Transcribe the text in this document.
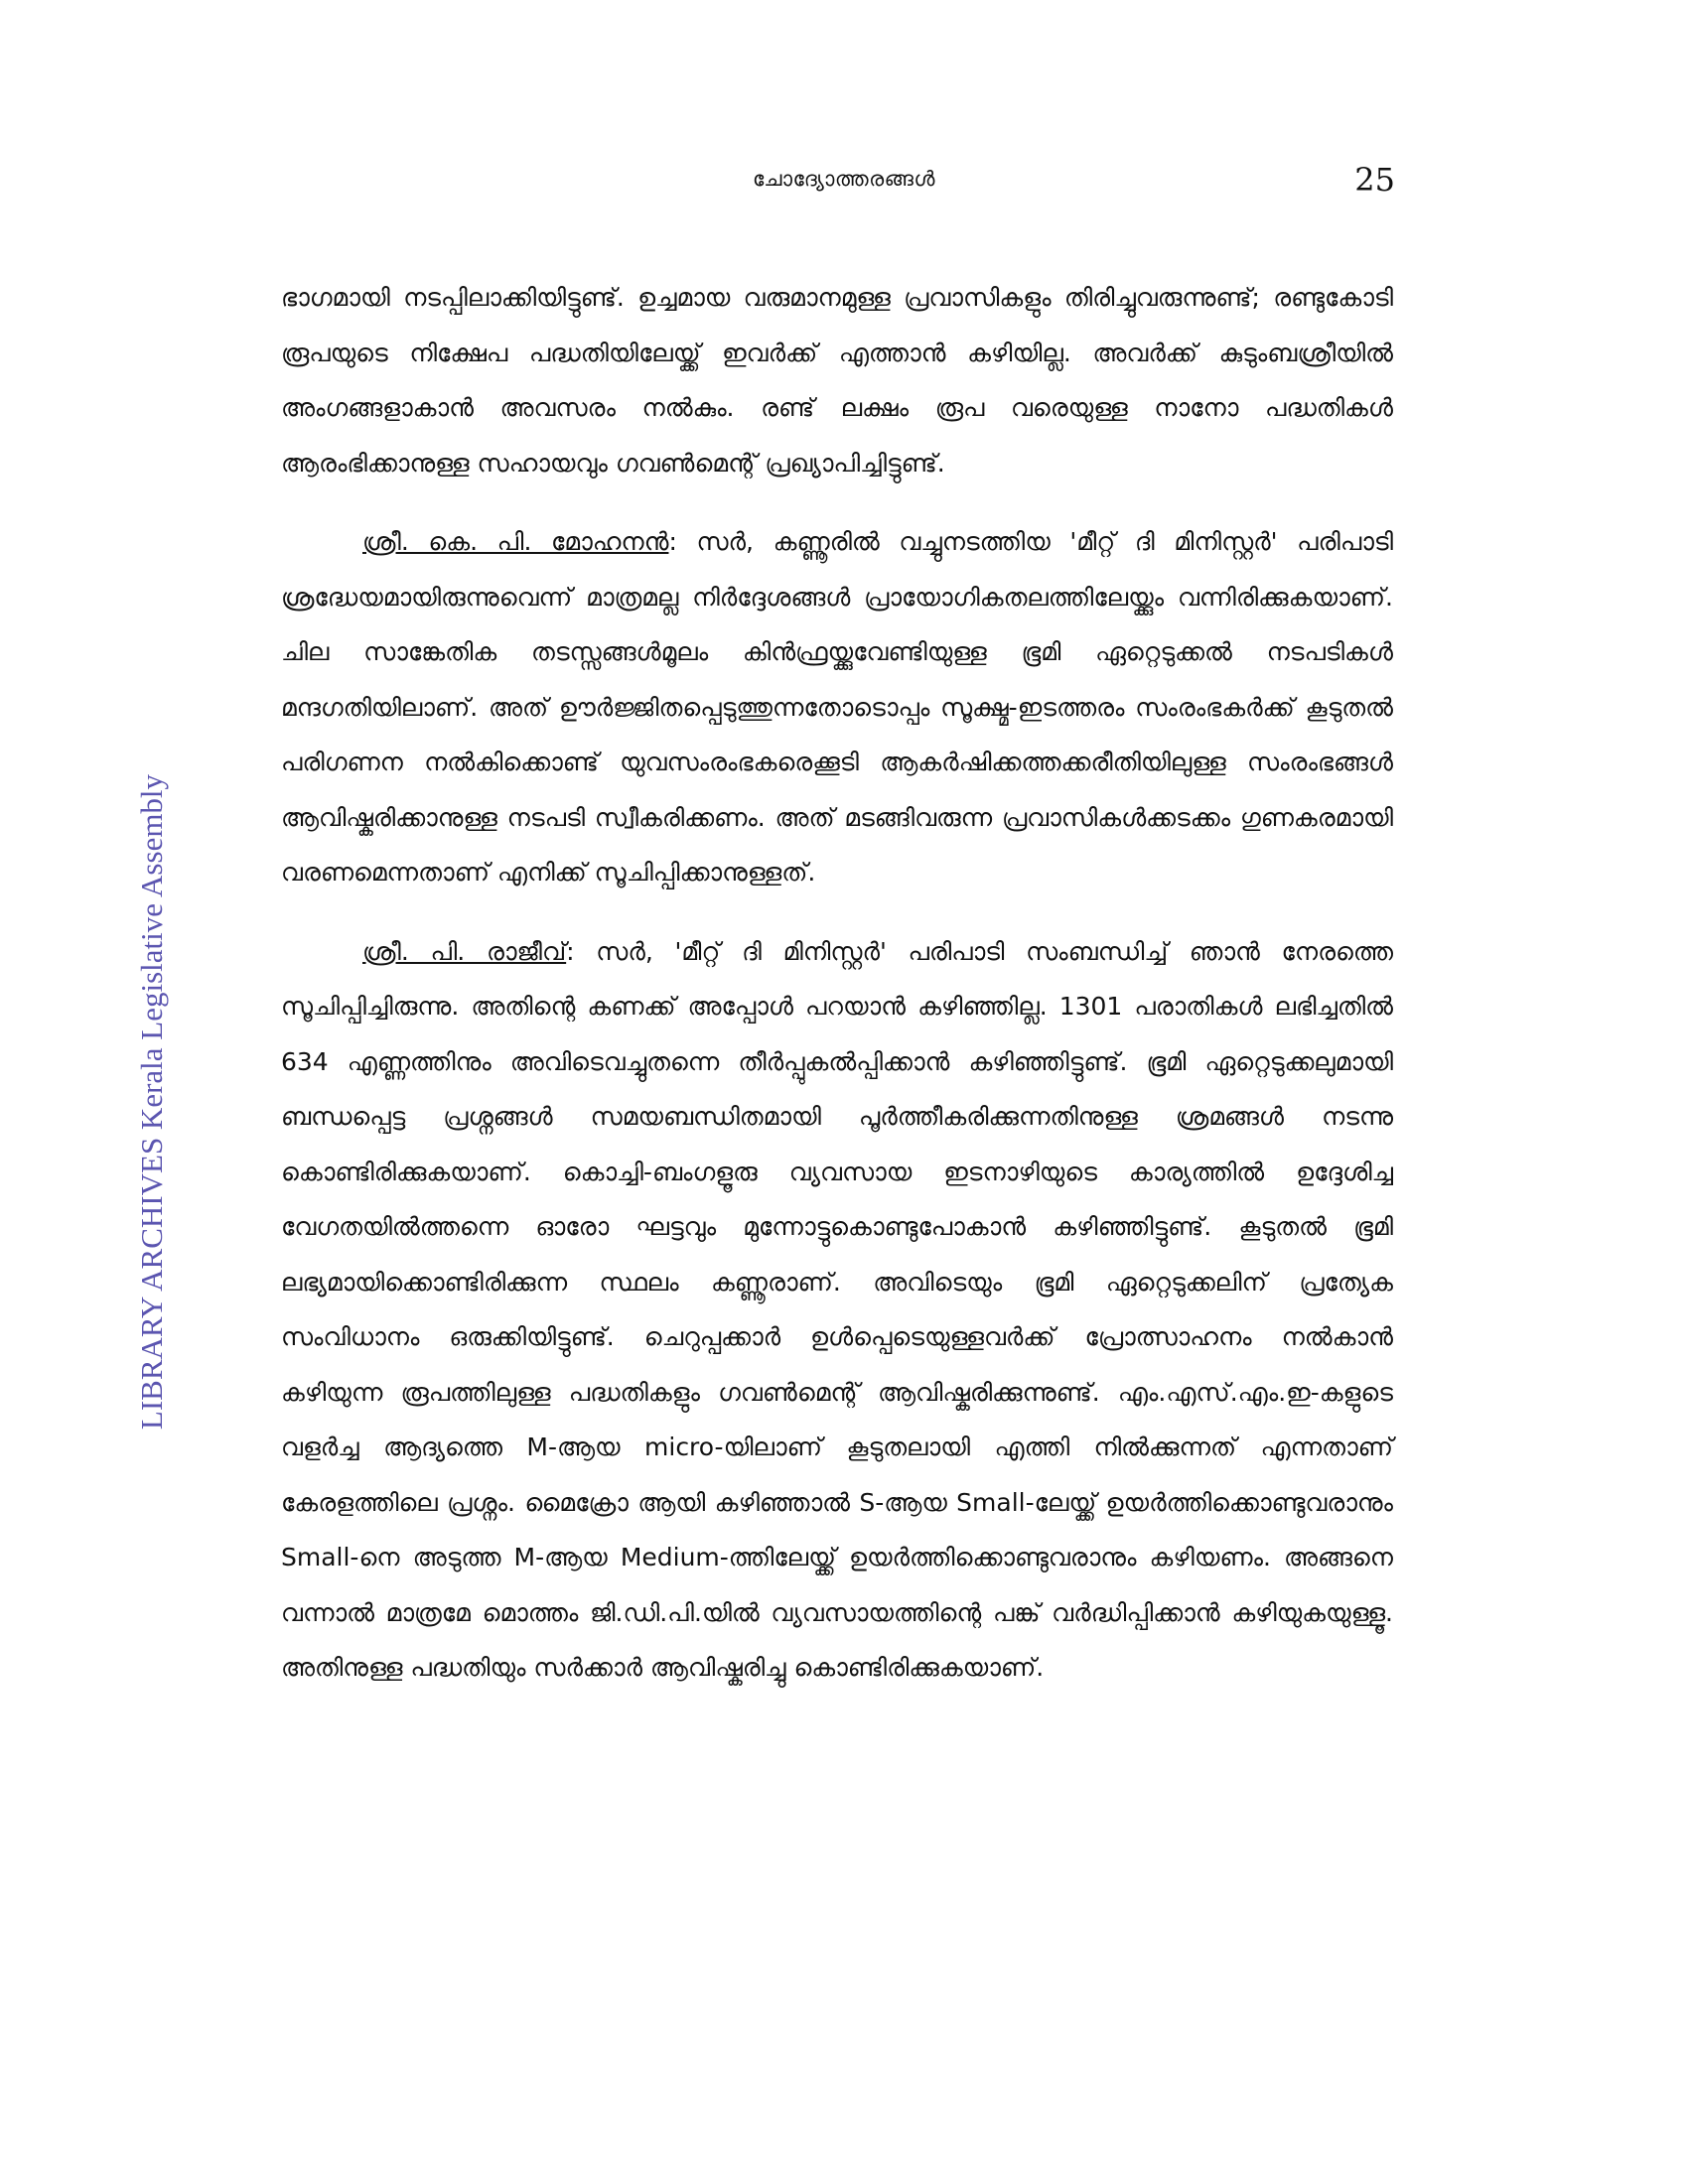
ചോദ്യോത്തരങ്ങൾ	25
LIBRARY ARCHIVES Kerala Legislative Assembly

ഭാഗമായി നടപ്പിലാക്കിയിട്ടുണ്ട്. ഉച്ചമായ വരുമാനമുള്ള പ്രവാസികളും തിരിച്ചുവരുന്നുണ്ട്; രണ്ടുകോടി രൂപയുടെ നിക്ഷേപ പദ്ധതിയിലേയ്ക്ക് ഇവർക്ക് എത്താൻ കഴിയില്ല. അവർക്ക് കുടുംബശ്രീയിൽ അംഗങ്ങളാകാൻ അവസരം നൽകും. രണ്ട് ലക്ഷം രൂപ വരെയുള്ള നാനോ പദ്ധതികൾ ആരംഭിക്കാനുള്ള സഹായവും ഗവൺമെന്റ് പ്രഖ്യാപിച്ചിട്ടുണ്ട്.

ശ്രീ. കെ. പി. മോഹനൻ: സർ, കണ്ണൂരിൽ വച്ചുനടത്തിയ 'മീറ്റ് ദി മിനിസ്റ്റർ' പരിപാടി ശ്രദ്ധേയമായിരുന്നുവെന്ന് മാത്രമല്ല നിർദ്ദേശങ്ങൾ പ്രായോഗികതലത്തിലേയ്ക്കും വന്നിരിക്കുകയാണ്. ചില സാങ്കേതിക തടസ്സങ്ങൾമൂലം കിൻഫ്രയ്ക്കുവേണ്ടിയുള്ള ഭൂമി ഏറ്റെടുക്കൽ നടപടികൾ മന്ദഗതിയിലാണ്. അത് ഊർജ്ജിതപ്പെടുത്തുന്നതോടൊപ്പം സൂക്ഷ്മ-ഇടത്തരം സംരംഭകർക്ക് കൂടുതൽ പരിഗണന നൽകിക്കൊണ്ട് യുവസംരംഭകരെക്കൂടി ആകർഷിക്കത്തക്കരീതിയിലുള്ള സംരംഭങ്ങൾ ആവിഷ്കരിക്കാനുള്ള നടപടി സ്വീകരിക്കണം. അത് മടങ്ങിവരുന്ന പ്രവാസികൾക്കടക്കം ഗുണകരമായി വരണമെന്നതാണ് എനിക്ക് സൂചിപ്പിക്കാനുള്ളത്.

ശ്രീ. പി. രാജീവ്: സർ, 'മീറ്റ് ദി മിനിസ്റ്റർ' പരിപാടി സംബന്ധിച്ച് ഞാൻ നേരത്തെ സൂചിപ്പിച്ചിരുന്നു. അതിന്റെ കണക്ക് അപ്പോൾ പറയാൻ കഴിഞ്ഞില്ല. 1301 പരാതികൾ ലഭിച്ചതിൽ 634 എണ്ണത്തിനും അവിടെവച്ചുതന്നെ തീർപ്പുകൽപ്പിക്കാൻ കഴിഞ്ഞിട്ടുണ്ട്. ഭൂമി ഏറ്റെടുക്കലുമായി ബന്ധപ്പെട്ട പ്രശ്നങ്ങൾ സമയബന്ധിതമായി പൂർത്തീകരിക്കുന്നതിനുള്ള ശ്രമങ്ങൾ നടന്നു കൊണ്ടിരിക്കുകയാണ്. കൊച്ചി-ബംഗളൂരു വ്യവസായ ഇടനാഴിയുടെ കാര്യത്തിൽ ഉദ്ദേശിച്ച വേഗതയിൽത്തന്നെ ഓരോ ഘട്ടവും മുന്നോട്ടുകൊണ്ടുപോകാൻ കഴിഞ്ഞിട്ടുണ്ട്. കൂടുതൽ ഭൂമി ലഭ്യമായിക്കൊണ്ടിരിക്കുന്ന സ്ഥലം കണ്ണൂരാണ്. അവിടെയും ഭൂമി ഏറ്റെടുക്കലിന് പ്രത്യേക സംവിധാനം ഒരുക്കിയിട്ടുണ്ട്. ചെറുപ്പക്കാർ ഉൾപ്പെടെയുള്ളവർക്ക് പ്രോത്സാഹനം നൽകാൻ കഴിയുന്ന രൂപത്തിലുള്ള പദ്ധതികളും ഗവൺമെന്റ് ആവിഷ്കരിക്കുന്നുണ്ട്. എം.എസ്.എം.ഇ-കളുടെ വളർച്ച ആദ്യത്തെ M-ആയ micro-യിലാണ് കൂടുതലായി എത്തി നിൽക്കുന്നത് എന്നതാണ് കേരളത്തിലെ പ്രശ്നം. മൈക്രോ ആയി കഴിഞ്ഞാൽ S-ആയ Small-ലേയ്ക്ക് ഉയർത്തിക്കൊണ്ടുവരാനും Small-നെ അടുത്ത M-ആയ Medium-ത്തിലേയ്ക്ക് ഉയർത്തിക്കൊണ്ടുവരാനും കഴിയണം. അങ്ങനെ വന്നാൽ മാത്രമേ മൊത്തം ജി.ഡി.പി.യിൽ വ്യവസായത്തിന്റെ പങ്ക് വർദ്ധിപ്പിക്കാൻ കഴിയുകയുള്ളൂ. അതിനുള്ള പദ്ധതിയും സർക്കാർ ആവിഷ്കരിച്ചു കൊണ്ടിരിക്കുകയാണ്.
